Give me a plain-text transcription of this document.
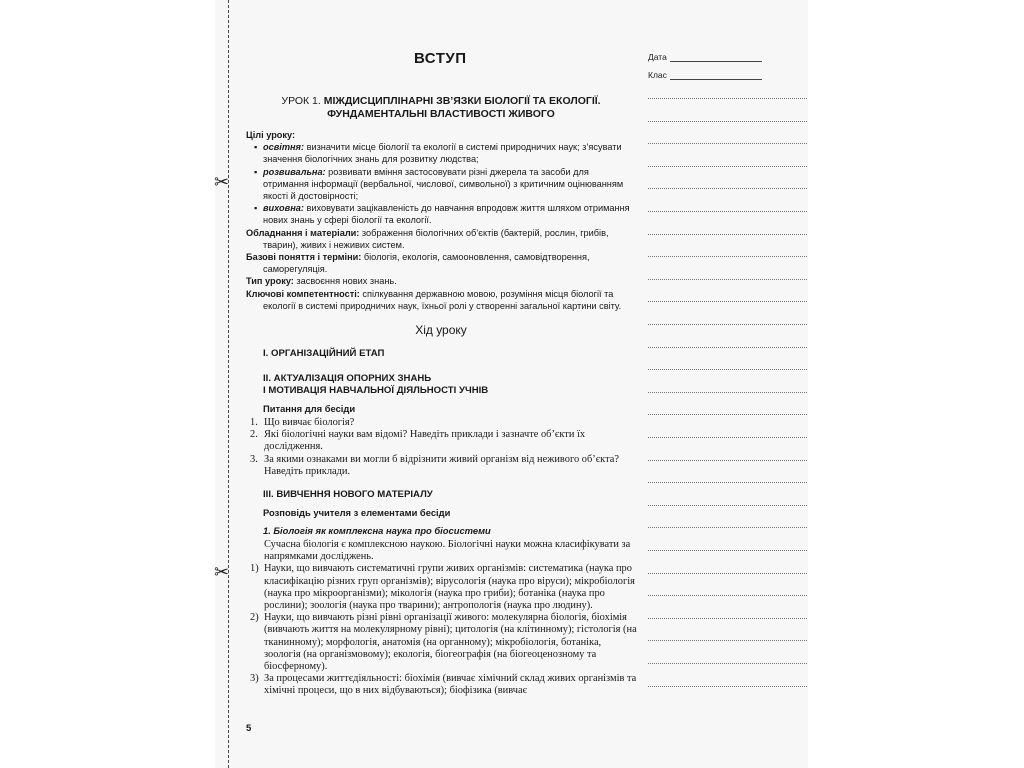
✂
✂
ВСТУП	Дата
Клас
УРОК 1. МІЖДИСЦИПЛІНАРНІ ЗВ’ЯЗКИ БІОЛОГІЇ ТА ЕКОЛОГІЇ.
ФУНДАМЕНТАЛЬНІ ВЛАСТИВОСТІ ЖИВОГО
Цілі уроку:
▪ освітня: визначити місце біології та екології в системі природничих наук; з’ясувати значення біологічних знань для розвитку людства;
▪ розвивальна: розвивати вміння застосовувати різні джерела та засоби для отримання інформації (вербальної, числової, символьної) з критичним оцінюванням якості й достовірності;
▪ виховна: виховувати зацікавленість до навчання впродовж життя шляхом отримання нових знань у сфері біології та екології.
Обладнання і матеріали: зображення біологічних об’єктів (бактерій, рослин, грибів, тварин), живих і неживих систем.
Базові поняття і терміни: біологія, екологія, самооновлення, самовідтворення, саморегуляція.
Тип уроку: засвоєння нових знань.
Ключові компетентності: спілкування державною мовою, розуміння місця біології та екології в системі природничих наук, їхньої ролі у створенні загальної картини світу.
Хід уроку
I. ОРГАНІЗАЦІЙНИЙ ЕТАП
II. АКТУАЛІЗАЦІЯ ОПОРНИХ ЗНАНЬ
I МОТИВАЦІЯ НАВЧАЛЬНОЇ ДІЯЛЬНОСТІ УЧНІВ
Питання для бесіди
1. Що вивчає біологія?
2. Які біологічні науки вам відомі? Наведіть приклади і зазначте об’єкти їх дослідження.
3. За якими ознаками ви могли б відрізнити живий організм від неживого об’єкта? Наведіть приклади.
III. ВИВЧЕННЯ НОВОГО МАТЕРІАЛУ
Розповідь учителя з елементами бесіди
1. Біологія як комплексна наука про біосистеми
Сучасна біологія є комплексною наукою. Біологічні науки можна класифікувати за напрямками досліджень.
1) Науки, що вивчають систематичні групи живих організмів: систематика (наука про класифікацію різних груп організмів); вірусологія (наука про віруси); мікробіологія (наука про мікроорганізми); мікологія (наука про гриби); ботаніка (наука про рослини); зоологія (наука про тварини); антропологія (наука про людину).
2) Науки, що вивчають різні рівні організації живого: молекулярна біологія, біохімія (вивчають життя на молекулярному рівні); цитологія (на клітинному); гістологія (на тканинному); морфологія, анатомія (на органному); мікробіологія, ботаніка, зоологія (на організмовому); екологія, біогеографія (на біогеоценозному та біосферному).
3) За процесами життєдіяльності: біохімія (вивчає хімічний склад живих організмів та хімічні процеси, що в них відбуваються); біофізика (вивчає
5
